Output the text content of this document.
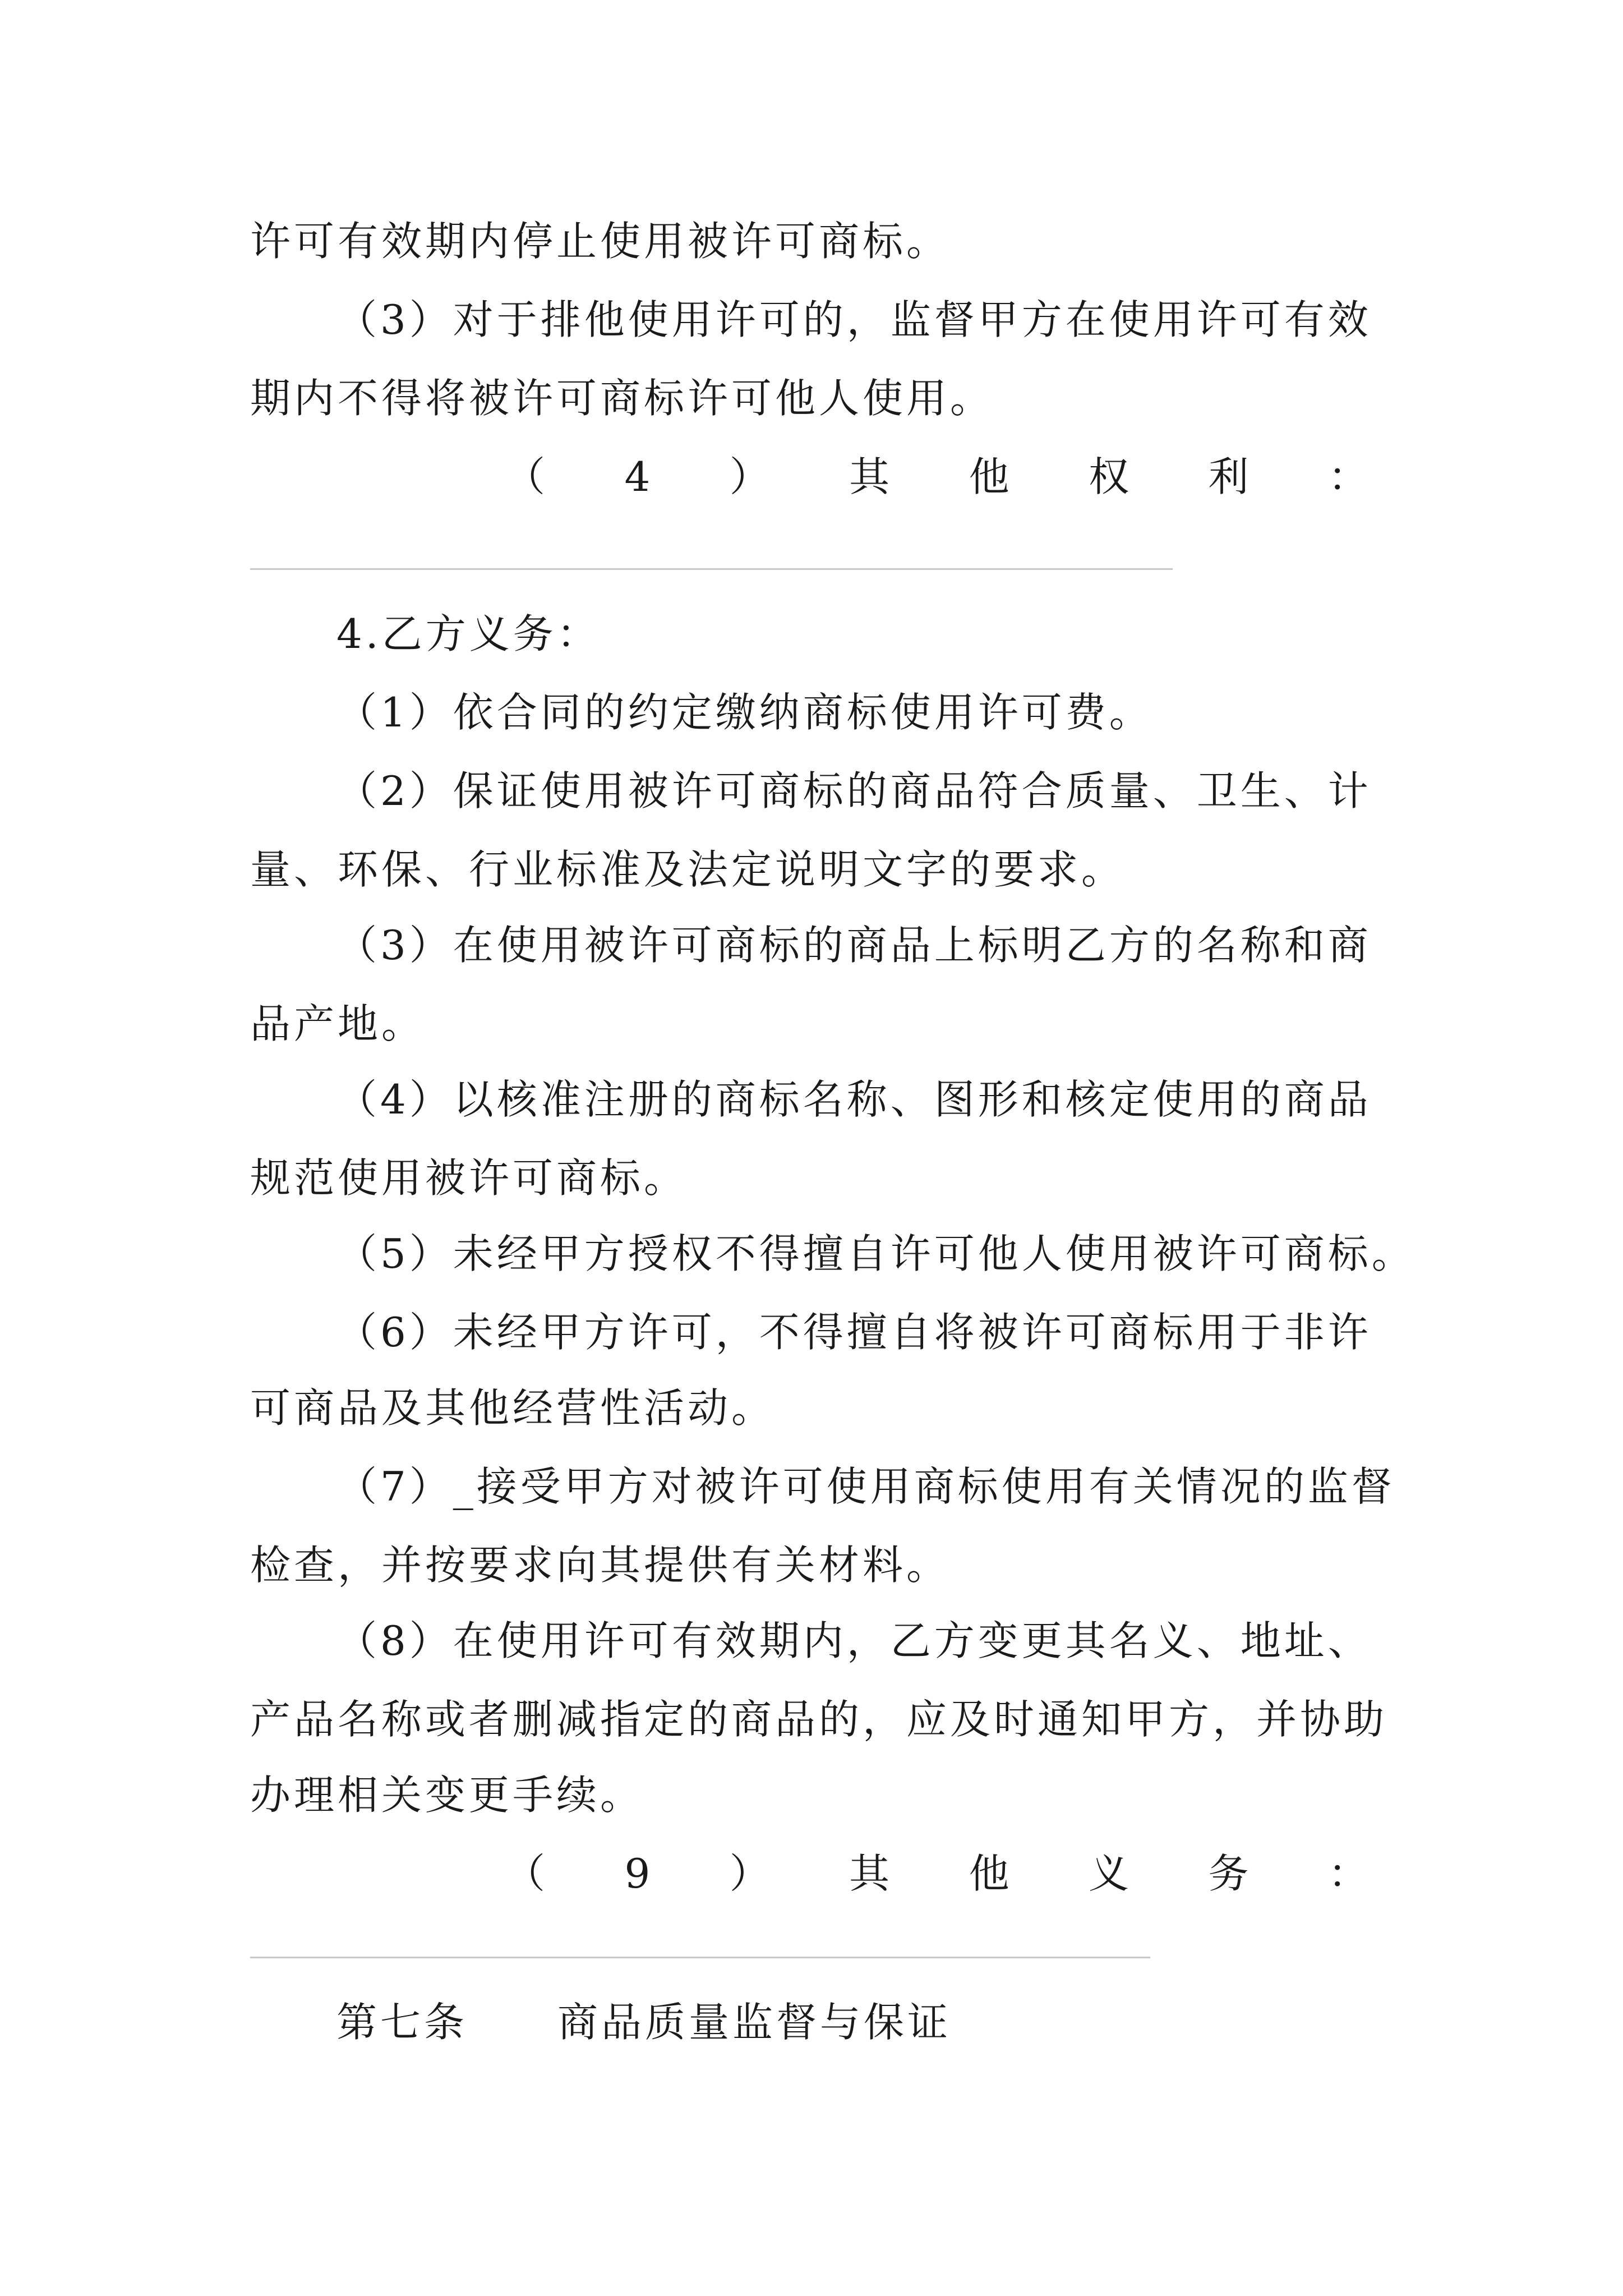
许可有效期内停止使用被许可商标。
（3）对于排他使用许可的，监督甲方在使用许可有效
期内不得将被许可商标许可他人使用。
（ 4 ） 其 他 权 利 ：
4.乙方义务：
（1）依合同的约定缴纳商标使用许可费。
（2）保证使用被许可商标的商品符合质量、卫生、计
量、环保、行业标准及法定说明文字的要求。
（3）在使用被许可商标的商品上标明乙方的名称和商
品产地。
（4）以核准注册的商标名称、图形和核定使用的商品
规范使用被许可商标。
（5）未经甲方授权不得擅自许可他人使用被许可商标。
（6）未经甲方许可，不得擅自将被许可商标用于非许
可商品及其他经营性活动。
（7）_接受甲方对被许可使用商标使用有关情况的监督
检查，并按要求向其提供有关材料。
（8）在使用许可有效期内，乙方变更其名义、地址、
产品名称或者删减指定的商品的，应及时通知甲方，并协助
办理相关变更手续。
（ 9 ） 其 他 义 务 ：
第七条 商品质量监督与保证
